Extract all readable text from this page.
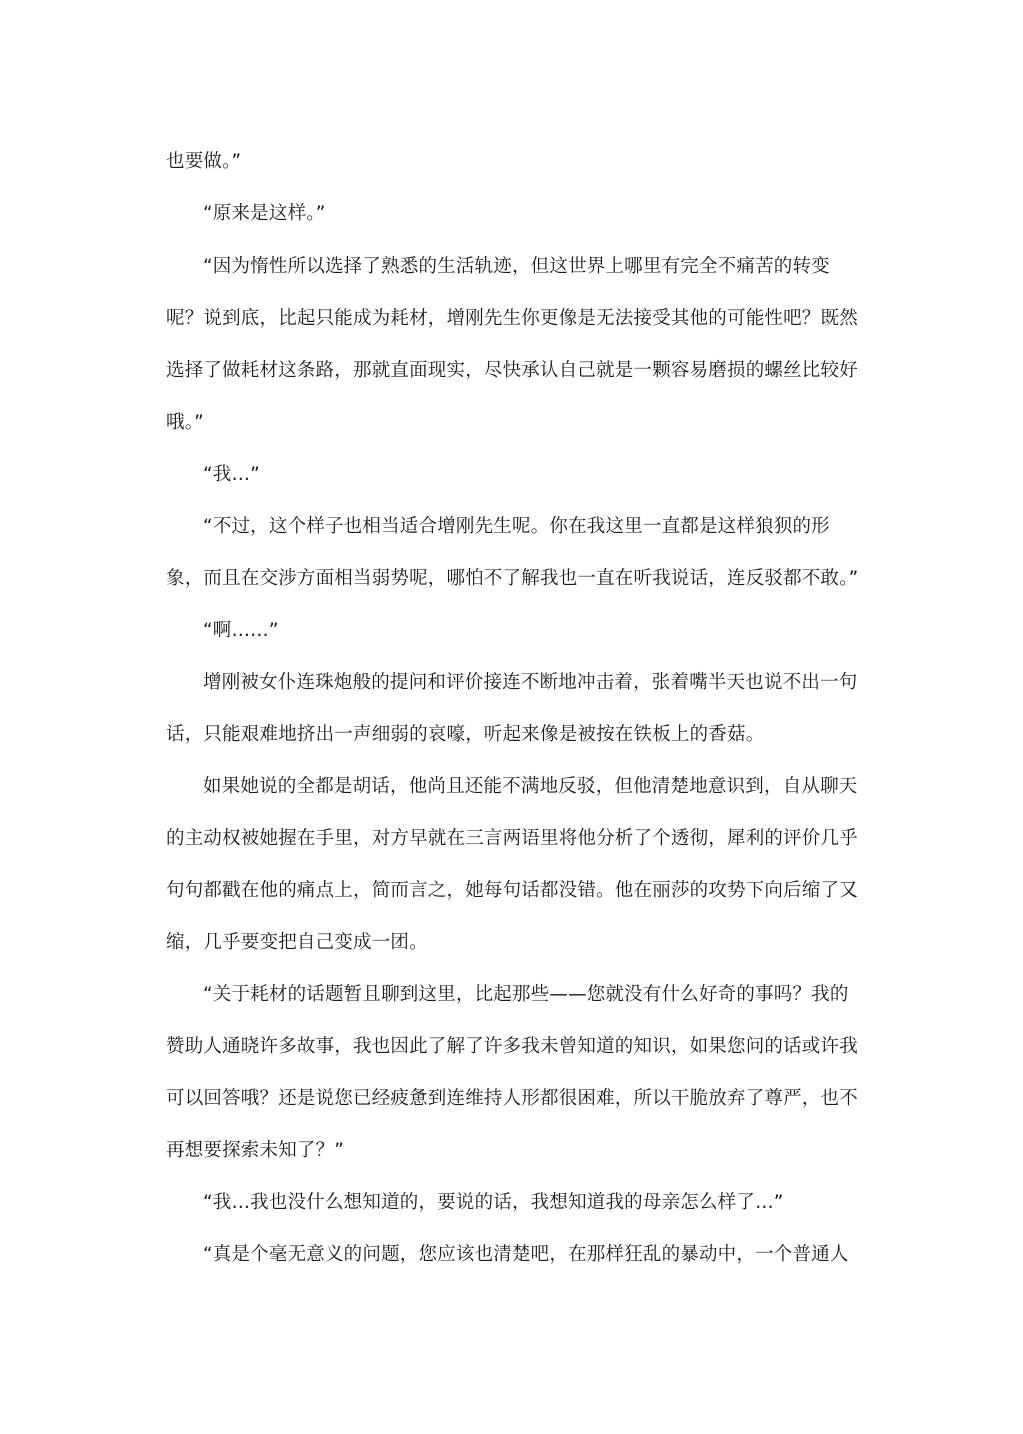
也要做。”
“原来是这样。”
“因为惰性所以选择了熟悉的生活轨迹，但这世界上哪里有完全不痛苦的转变
呢？说到底，比起只能成为耗材，增刚先生你更像是无法接受其他的可能性吧？既然
选择了做耗材这条路，那就直面现实，尽快承认自己就是一颗容易磨损的螺丝比较好
哦。”
“我…”
“不过，这个样子也相当适合增刚先生呢。你在我这里一直都是这样狼狈的形
象，而且在交涉方面相当弱势呢，哪怕不了解我也一直在听我说话，连反驳都不敢。”
“啊……”
增刚被女仆连珠炮般的提问和评价接连不断地冲击着，张着嘴半天也说不出一句
话，只能艰难地挤出一声细弱的哀嚎，听起来像是被按在铁板上的香菇。
如果她说的全都是胡话，他尚且还能不满地反驳，但他清楚地意识到，自从聊天
的主动权被她握在手里，对方早就在三言两语里将他分析了个透彻，犀利的评价几乎
句句都戳在他的痛点上，简而言之，她每句话都没错。他在丽莎的攻势下向后缩了又
缩，几乎要变把自己变成一团。
“关于耗材的话题暂且聊到这里，比起那些——您就没有什么好奇的事吗？我的
赞助人通晓许多故事，我也因此了解了许多我未曾知道的知识，如果您问的话或许我
可以回答哦？还是说您已经疲惫到连维持人形都很困难，所以干脆放弃了尊严，也不
再想要探索未知了？”
“我…我也没什么想知道的，要说的话，我想知道我的母亲怎么样了…”
“真是个毫无意义的问题，您应该也清楚吧，在那样狂乱的暴动中，一个普通人
